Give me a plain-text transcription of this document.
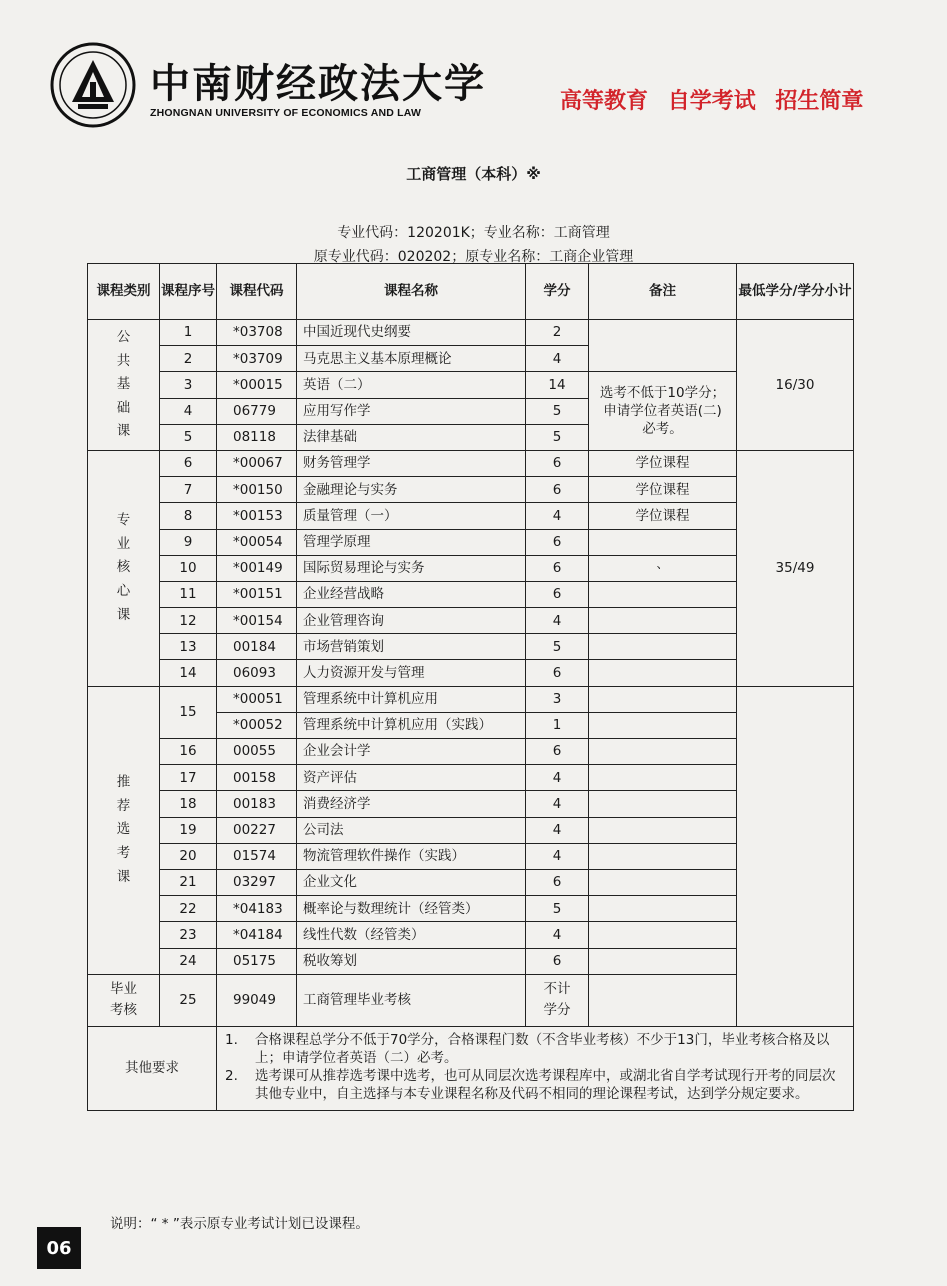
中南财经政法大学
ZHONGNAN UNIVERSITY OF ECONOMICS AND LAW	高等教育 自学考试 招生简章
工商管理（本科）※
专业代码：120201K；专业名称：工商管理
原专业代码：020202；原专业名称：工商企业管理
课程类别	课程序号	课程代码	课程名称	学分	备注	最低学分/学分小计
公共基础课	1	*03708	中国近现代史纲要	2		16/30
	2	*03709	马克思主义基本原理概论	4		
	3	*00015	英语（二）	14	选考不低于10学分；申请学位者英语(二)必考。	
	4	06779	应用写作学	5		
	5	08118	法律基础	5		
专业核心课	6	*00067	财务管理学	6	学位课程	35/49
	7	*00150	金融理论与实务	6	学位课程	
	8	*00153	质量管理（一）	4	学位课程	
	9	*00054	管理学原理	6		
	10	*00149	国际贸易理论与实务	6	、	
	11	*00151	企业经营战略	6		
	12	*00154	企业管理咨询	4		
	13	00184	市场营销策划	5		
	14	06093	人力资源开发与管理	6		
推荐选考课	15	*00051	管理系统中计算机应用	3		
		*00052	管理系统中计算机应用（实践）	1		
	16	00055	企业会计学	6		
	17	00158	资产评估	4		
	18	00183	消费经济学	4		
	19	00227	公司法	4		
	20	01574	物流管理软件操作（实践）	4		
	21	03297	企业文化	6		
	22	*04183	概率论与数理统计（经管类）	5		
	23	*04184	线性代数（经管类）	4		
	24	05175	税收筹划	6		
毕业考核	25	99049	工商管理毕业考核	不计学分		
其他要求		1. 合格课程总学分不低于70学分，合格课程门数（不含毕业考核）不少于13门，毕业考核合格及以上；申请学位者英语（二）必考。
2. 选考课可从推荐选考课中选考，也可从同层次选考课程库中，或湖北省自学考试现行开考的同层次其他专业中，自主选择与本专业课程名称及代码不相同的理论课程考试，达到学分规定要求。				
说明：“ * ”表示原专业考试计划已设课程。
06
